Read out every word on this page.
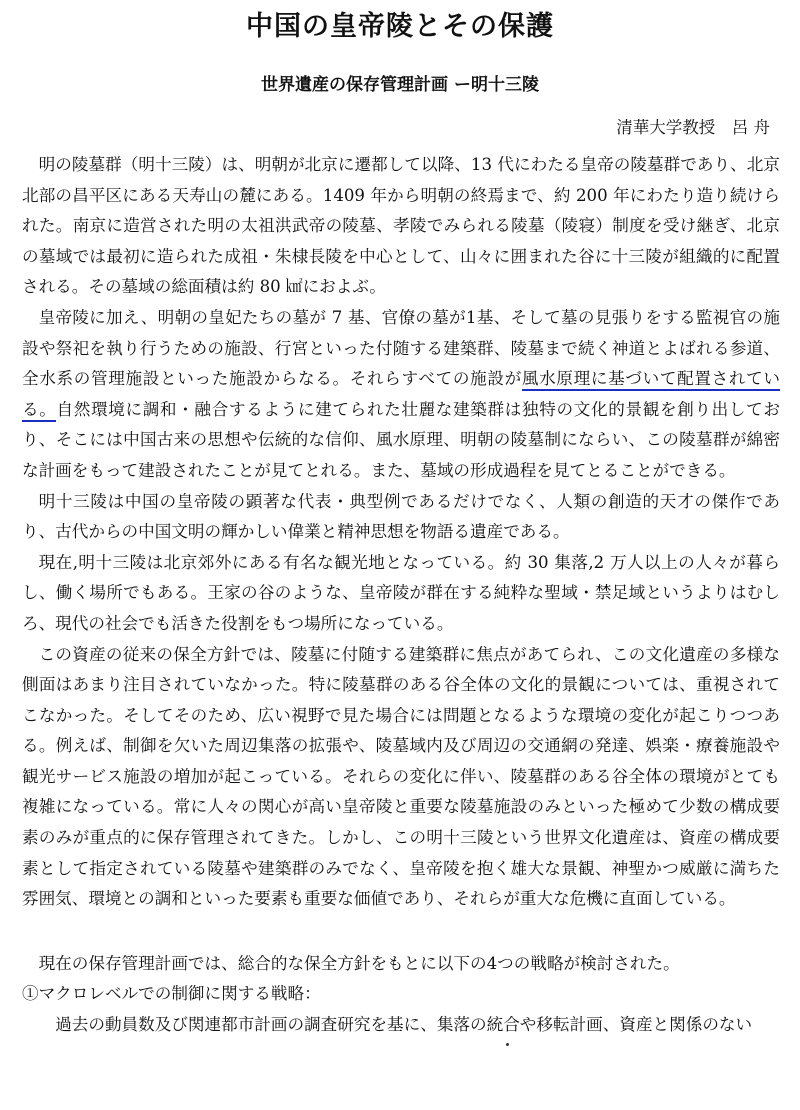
中国の皇帝陵とその保護
世界遺産の保存管理計画 ー明十三陵

清華大学教授　呂 舟

明の陵墓群（明十三陵）は、明朝が北京に遷都して以降、13 代にわたる皇帝の陵墓群であり、北京北部の昌平区にある天寿山の麓にある。1409 年から明朝の終焉まで、約 200 年にわたり造り続けられた。南京に造営された明の太祖洪武帝の陵墓、孝陵でみられる陵墓（陵寝）制度を受け継ぎ、北京の墓域では最初に造られた成祖・朱棣長陵を中心として、山々に囲まれた谷に十三陵が組織的に配置される。その墓域の総面積は約 80 ㎢におよぶ。

皇帝陵に加え、明朝の皇妃たちの墓が 7 基、官僚の墓が1基、そして墓の見張りをする監視官の施設や祭祀を執り行うための施設、行宮といった付随する建築群、陵墓まで続く神道とよばれる参道、全水系の管理施設といった施設からなる。それらすべての施設が風水原理に基づいて配置されている。自然環境に調和・融合するように建てられた壮麗な建築群は独特の文化的景観を創り出しており、そこには中国古来の思想や伝統的な信仰、風水原理、明朝の陵墓制にならい、この陵墓群が綿密な計画をもって建設されたことが見てとれる。また、墓域の形成過程を見てとることができる。

明十三陵は中国の皇帝陵の顕著な代表・典型例であるだけでなく、人類の創造的天才の傑作であり、古代からの中国文明の輝かしい偉業と精神思想を物語る遺産である。

現在,明十三陵は北京郊外にある有名な観光地となっている。約 30 集落,2 万人以上の人々が暮らし、働く場所でもある。王家の谷のような、皇帝陵が群在する純粋な聖域・禁足域というよりはむしろ、現代の社会でも活きた役割をもつ場所になっている。

この資産の従来の保全方針では、陵墓に付随する建築群に焦点があてられ、この文化遺産の多様な側面はあまり注目されていなかった。特に陵墓群のある谷全体の文化的景観については、重視されてこなかった。そしてそのため、広い視野で見た場合には問題となるような環境の変化が起こりつつある。例えば、制御を欠いた周辺集落の拡張や、陵墓域内及び周辺の交通網の発達、娯楽・療養施設や観光サービス施設の増加が起こっている。それらの変化に伴い、陵墓群のある谷全体の環境がとても複雑になっている。常に人々の関心が高い皇帝陵と重要な陵墓施設のみといった極めて少数の構成要素のみが重点的に保存管理されてきた。しかし、この明十三陵という世界文化遺産は、資産の構成要素として指定されている陵墓や建築群のみでなく、皇帝陵を抱く雄大な景観、神聖かつ威厳に満ちた雰囲気、環境との調和といった要素も重要な価値であり、それらが重大な危機に直面している。

現在の保存管理計画では、総合的な保全方針をもとに以下の4つの戦略が検討された。

①マクロレベルでの制御に関する戦略：

過去の動員数及び関連都市計画の調査研究を基に、集落の統合や移転計画、資産と関係のない
